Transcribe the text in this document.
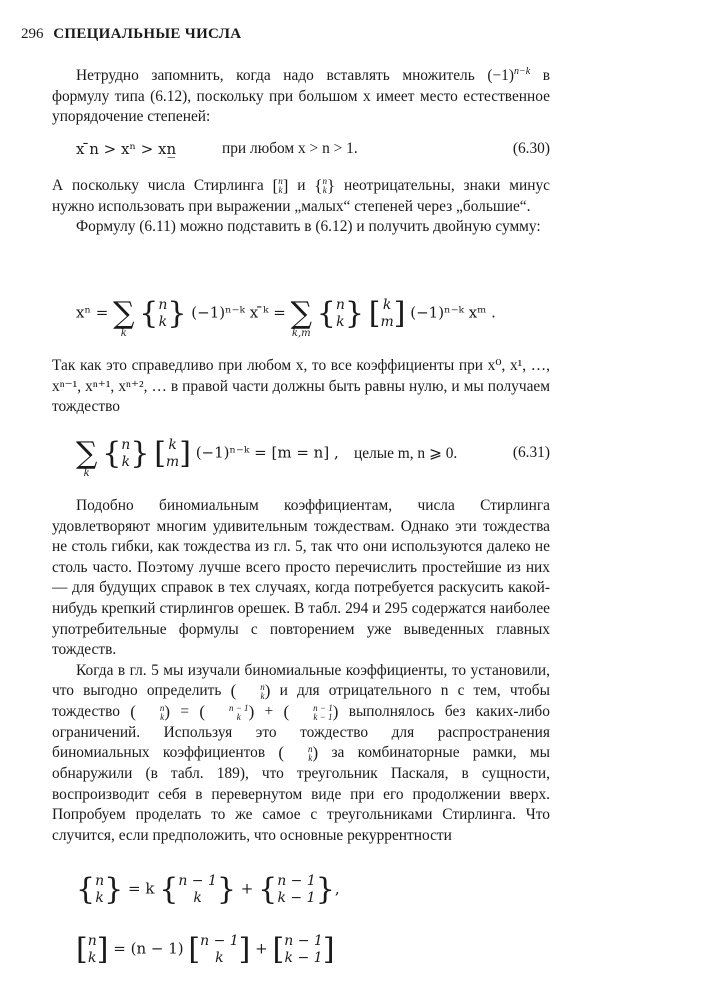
296 СПЕЦИАЛЬНЫЕ ЧИСЛА

Нетрудно запомнить, когда надо вставлять множитель $(-1)^{n-k}$ в формулу типа (6.12), поскольку при большом x имеет место естественное упорядочение степеней:

x ̄n > xⁿ > xn̲	при любом x > n > 1.	(6.30)

А поскольку числа Стирлинга [ n
k ] и { n
k } неотрицательны, знаки минус нужно использовать при выражении „малых“ степеней через „большие“.

Формулу (6.11) можно подставить в (6.12) и получить двойную сумму:

xⁿ = ∑
k
{ n
k } (−1)ⁿ⁻ᵏ x ̄ᵏ = ∑
k,m
{ n
k } [ k
m ] (−1)ⁿ⁻ᵏ xᵐ .

Так как это справедливо при любом x, то все коэффициенты при x⁰, x¹, …, xⁿ⁻¹, xⁿ⁺¹, xⁿ⁺², … в правой части должны быть равны нулю, и мы получаем тождество

∑
k
{ n
k } [ k
m ] (−1)ⁿ⁻ᵏ = [m = n] , целые m, n ⩾ 0.	(6.31)

Подобно биномиальным коэффициентам, числа Стирлинга удовлетворяют многим удивительным тождествам. Однако эти тождества не столь гибки, как тождества из гл. 5, так что они используются далеко не столь часто. Поэтому лучше всего просто перечислить простейшие из них — для будущих справок в тех случаях, когда потребуется раскусить какой-нибудь крепкий стирлингов орешек. В табл. 294 и 295 содержатся наиболее употребительные формулы с повторением уже выведенных главных тождеств.

Когда в гл. 5 мы изучали биномиальные коэффициенты, то установили, что выгодно определить (	n
k ) и для отрицательного n с тем, чтобы тождество (	n
k ) = (	n − 1
k ) + (	n − 1
k − 1 ) выполнялось без каких-либо ограничений. Используя это тождество для распространения биномиальных коэффициентов (	n
k ) за комбинаторные рамки, мы обнаружили (в табл. 189), что треугольник Паскаля, в сущности, воспроизводит себя в перевернутом виде при его продолжении вверх. Попробуем проделать то же самое с треугольниками Стирлинга. Что случится, если предположить, что основные рекуррентности

{ n
k } = k { n − 1
k } + { n − 1
k − 1 },
[ n
k ] = (n − 1) [ n − 1
k ] + [ n − 1
k − 1 ]
